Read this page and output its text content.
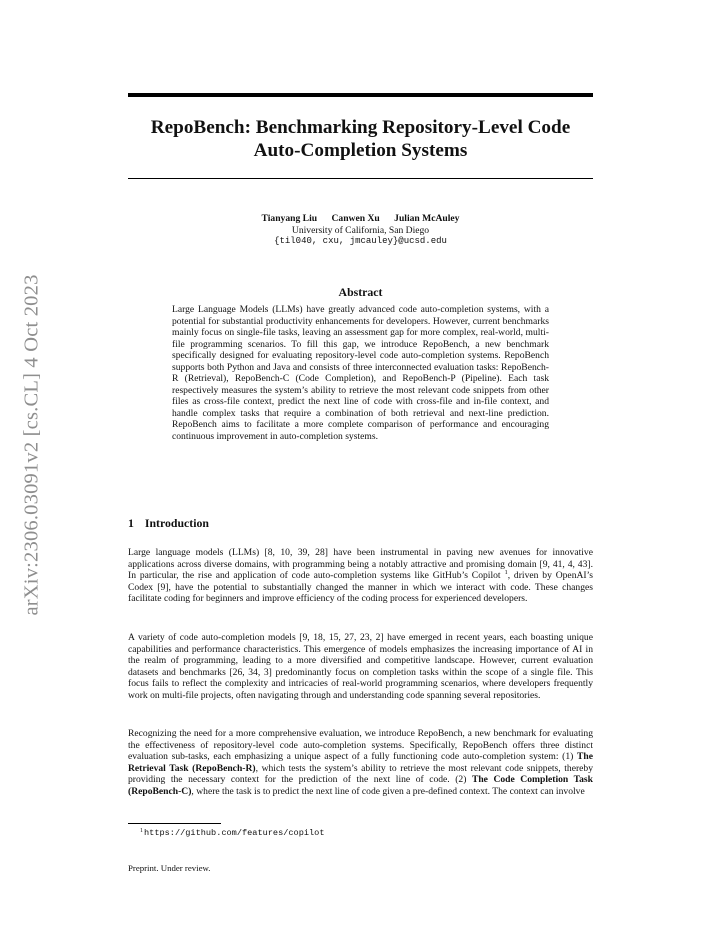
arXiv:2306.03091v2 [cs.CL] 4 Oct 2023
RepoBench: Benchmarking Repository-Level Code
Auto-Completion Systems
Tianyang Liu Canwen Xu Julian McAuley
University of California, San Diego
{til040, cxu, jmcauley}@ucsd.edu
Abstract

Large Language Models (LLMs) have greatly advanced code auto-completion systems, with a potential for substantial productivity enhancements for developers. However, current benchmarks mainly focus on single-file tasks, leaving an assessment gap for more complex, real-world, multi-file programming scenarios. To fill this gap, we introduce RepoBench, a new benchmark specifically designed for evaluating repository-level code auto-completion systems. RepoBench supports both Python and Java and consists of three interconnected evaluation tasks: RepoBench-R (Retrieval), RepoBench-C (Code Completion), and RepoBench-P (Pipeline). Each task respectively measures the system’s ability to retrieve the most relevant code snippets from other files as cross-file context, predict the next line of code with cross-file and in-file context, and handle complex tasks that require a combination of both retrieval and next-line prediction. RepoBench aims to facilitate a more complete comparison of performance and encouraging continuous improvement in auto-completion systems.

1 Introduction

Large language models (LLMs) [8, 10, 39, 28] have been instrumental in paving new avenues for innovative applications across diverse domains, with programming being a notably attractive and promising domain [9, 41, 4, 43]. In particular, the rise and application of code auto-completion systems like GitHub’s Copilot $^1$, driven by OpenAI’s Codex [9], have the potential to substantially changed the manner in which we interact with code. These changes facilitate coding for beginners and improve efficiency of the coding process for experienced developers.

A variety of code auto-completion models [9, 18, 15, 27, 23, 2] have emerged in recent years, each boasting unique capabilities and performance characteristics. This emergence of models emphasizes the increasing importance of AI in the realm of programming, leading to a more diversified and competitive landscape. However, current evaluation datasets and benchmarks [26, 34, 3] predominantly focus on completion tasks within the scope of a single file. This focus fails to reflect the complexity and intricacies of real-world programming scenarios, where developers frequently work on multi-file projects, often navigating through and understanding code spanning several repositories.

Recognizing the need for a more comprehensive evaluation, we introduce RepoBench, a new benchmark for evaluating the effectiveness of repository-level code auto-completion systems. Specifically, RepoBench offers three distinct evaluation sub-tasks, each emphasizing a unique aspect of a fully functioning code auto-completion system: (1) The Retrieval Task (RepoBench-R), which tests the system’s ability to retrieve the most relevant code snippets, thereby providing the necessary context for the prediction of the next line of code. (2) The Code Completion Task (RepoBench-C), where the task is to predict the next line of code given a pre-defined context. The context can involve

$^1$https://github.com/features/copilot
Preprint. Under review.
